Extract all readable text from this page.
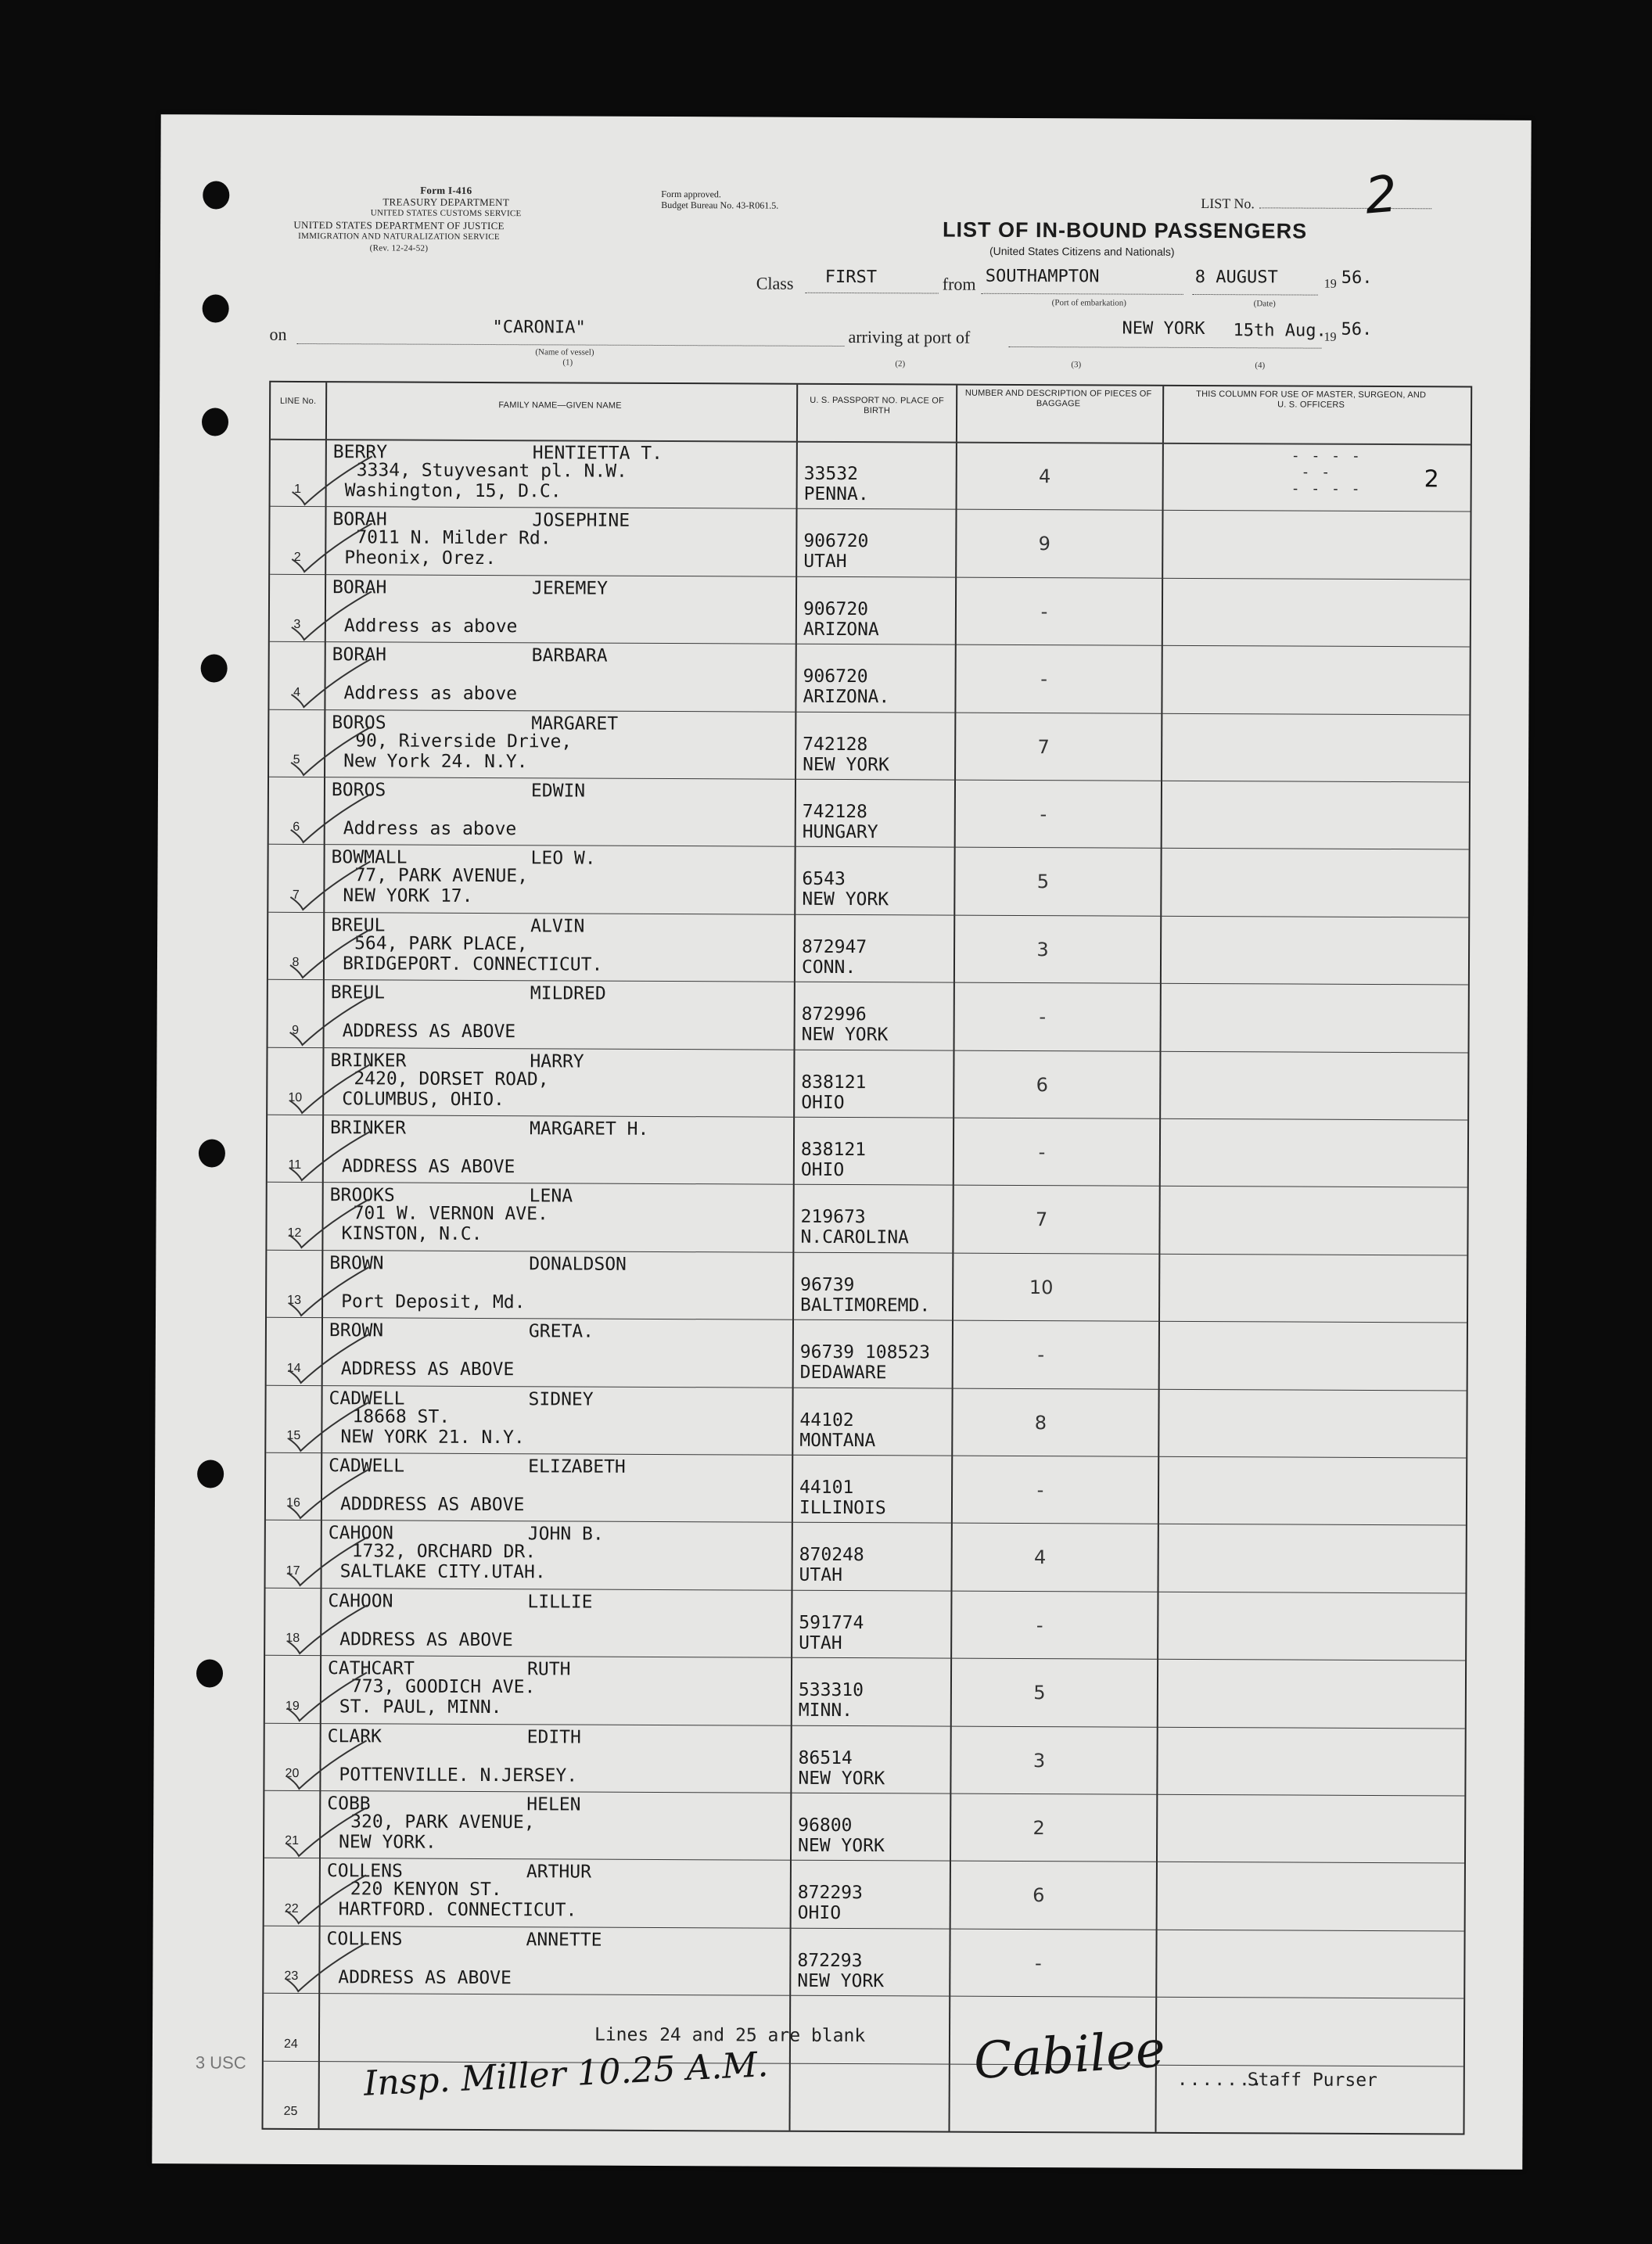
Form I-416
TREASURY DEPARTMENT
UNITED STATES CUSTOMS SERVICE
UNITED STATES DEPARTMENT OF JUSTICE
IMMIGRATION AND NATURALIZATION SERVICE
(Rev. 12-24-52)
Form approved.
Budget Bureau No. 43-R061.5.	LIST No.	2
LIST OF IN-BOUND PASSENGERS
(United States Citizens and Nationals)
Class FIRST	from SOUTHAMPTON
(Port of embarkation)
8 AUGUST
(Date)
19 56.
on	"CARONIA"
(Name of vessel)
(1)
arriving at port of	NEW YORK 15th Aug.
19 56.
(2)	(3)	(4)
LINE No.	FAMILY NAME—GIVEN NAME	U. S. PASSPORT NO. PLACE OF BIRTH
NUMBER AND DESCRIPTION OF PIECES OF BAGGAGE
THIS COLUMN FOR USE OF MASTER, SURGEON, AND U. S. OFFICERS
- - - -
- -
- - - -	2
1
BERRY	HENTIETTA T.
3334, Stuyvesant pl. N.W.
Washington, 15, D.C.
33532
PENNA.
4
2
BORAH	JOSEPHINE
7011 N. Milder Rd.
Pheonix, Orez.
906720
UTAH
9
3
BORAH	JEREMEY
Address as above
906720
ARIZONA
-
4
BORAH	BARBARA
Address as above
906720
ARIZONA.
-
5
BOROS	MARGARET
90, Riverside Drive,
New York 24. N.Y.
742128
NEW YORK
7
6
BOROS	EDWIN
Address as above
742128
HUNGARY
-
7
BOWMALL	LEO W.
77, PARK AVENUE,
NEW YORK 17.
6543
NEW YORK
5
8
BREUL	ALVIN
564, PARK PLACE,
BRIDGEPORT. CONNECTICUT.
872947
CONN.
3
9
BREUL	MILDRED
ADDRESS AS ABOVE
872996
NEW YORK
-
10
BRINKER	HARRY
2420, DORSET ROAD,
COLUMBUS, OHIO.
838121
OHIO
6
11
BRINKER	MARGARET H.
ADDRESS AS ABOVE
838121
OHIO
-
12
BROOKS	LENA
701 W. VERNON AVE.
KINSTON, N.C.
219673
N.CAROLINA
7
13
BROWN	DONALDSON
Port Deposit, Md.
96739
BALTIMOREMD.
10
14
BROWN	GRETA.
ADDRESS AS ABOVE
96739 108523
DEDAWARE
-
15
CADWELL	SIDNEY
18668 ST.
NEW YORK 21. N.Y.
44102
MONTANA
8
16
CADWELL	ELIZABETH
ADDDRESS AS ABOVE
44101
ILLINOIS
-
17
CAHOON	JOHN B.
1732, ORCHARD DR.
SALTLAKE CITY.UTAH.
870248
UTAH
4
18
CAHOON	LILLIE
ADDRESS AS ABOVE
591774
UTAH
-
19
CATHCART	RUTH
773, GOODICH AVE.
ST. PAUL, MINN.
533310
MINN.
5
20
CLARK	EDITH
POTTENVILLE. N.JERSEY.
86514
NEW YORK
3
21
COBB	HELEN
320, PARK AVENUE,
NEW YORK.
96800
NEW YORK
2
22
COLLENS	ARTHUR
220 KENYON ST.
HARTFORD. CONNECTICUT.
872293
OHIO
6
23
COLLENS	ANNETTE
ADDRESS AS ABOVE
872293
NEW YORK
-
24
25
Lines 24 and 25 are blank
Insp. Miller 10.25 A.M.	Cabilee .......
Staff Purser
3 USC
